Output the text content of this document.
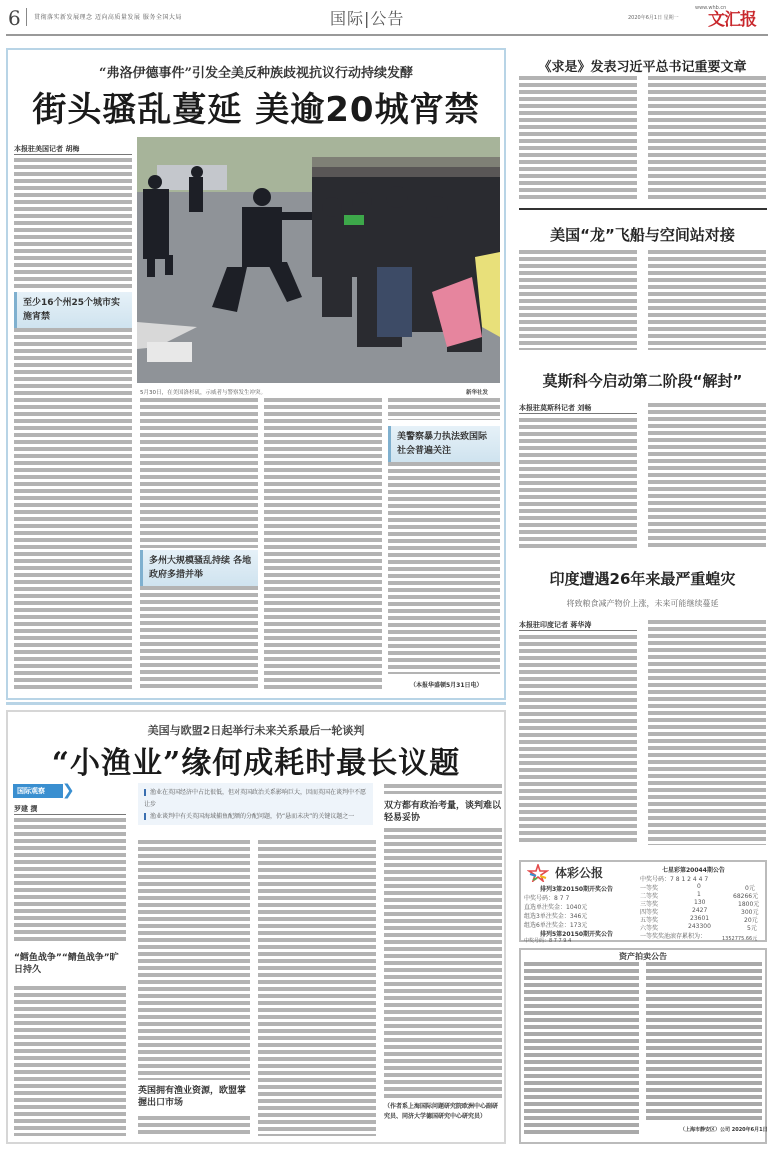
6 贯彻落实新发展理念 迈向高质量发展 服务全国大局	国际|公告
www.whb.cn
2020年6月1日 星期一 文汇报
“弗洛伊德事件”引发全美反种族歧视抗议行动持续发酵
街头骚乱蔓延 美逾20城宵禁
本报驻美国记者 胡梅
至少16个州25个城市实施宵禁
5月30日，在美国洛杉矶，示威者与警察发生冲突。	新华社发
多州大规模骚乱持续 各地政府多措并举
美警察暴力执法致国际社会普遍关注
（本报华盛顿5月31日电）
《求是》发表习近平总书记重要文章
美国“龙”飞船与空间站对接
莫斯科今启动第二阶段“解封”
本报驻莫斯科记者 刘畅
印度遭遇26年来最严重蝗灾
将致粮食减产物价上涨，未来可能继续蔓延
本报驻印度记者 蒋华涛
体彩公报
排列3第20150期开奖公告
中奖号码：8 7 7
直选单注奖金：1040元
组选3单注奖金：346元
组选6单注奖金：173元
排列5第20150期开奖公告
中奖号码：8 7 7 9 4
七星彩第20044期公告
中奖号码：7 8 1 2 4 4 7
一等奖	0	0元
二等奖	1	68266元
三等奖	130	1800元
四等奖	2427	300元
五等奖	23601	20元
六等奖	243300	5元
一等奖奖池滚存累积为：	1352775.66元
资产拍卖公告
（上海市静安区）公司 2020年6月1日
美国与欧盟2日起举行未来关系最后一轮谈判
“小渔业”缘何成耗时最长议题
国际观察	❯
罗建 撰
“鳕鱼战争”“鲭鱼战争”旷日持久
渔业在英国经济中占比很低，但对英国政治关系影响巨大，因而英国在谈判中不愿让步
渔业谈判中有关英国海域捕鱼配额的分配问题，仍“悬而未决”的关键议题之一
英国拥有渔业资源，欧盟掌握出口市场
双方都有政治考量，谈判难以轻易妥协
（作者系上海国际问题研究院欧洲中心副研究员、同济大学德国研究中心研究员）
